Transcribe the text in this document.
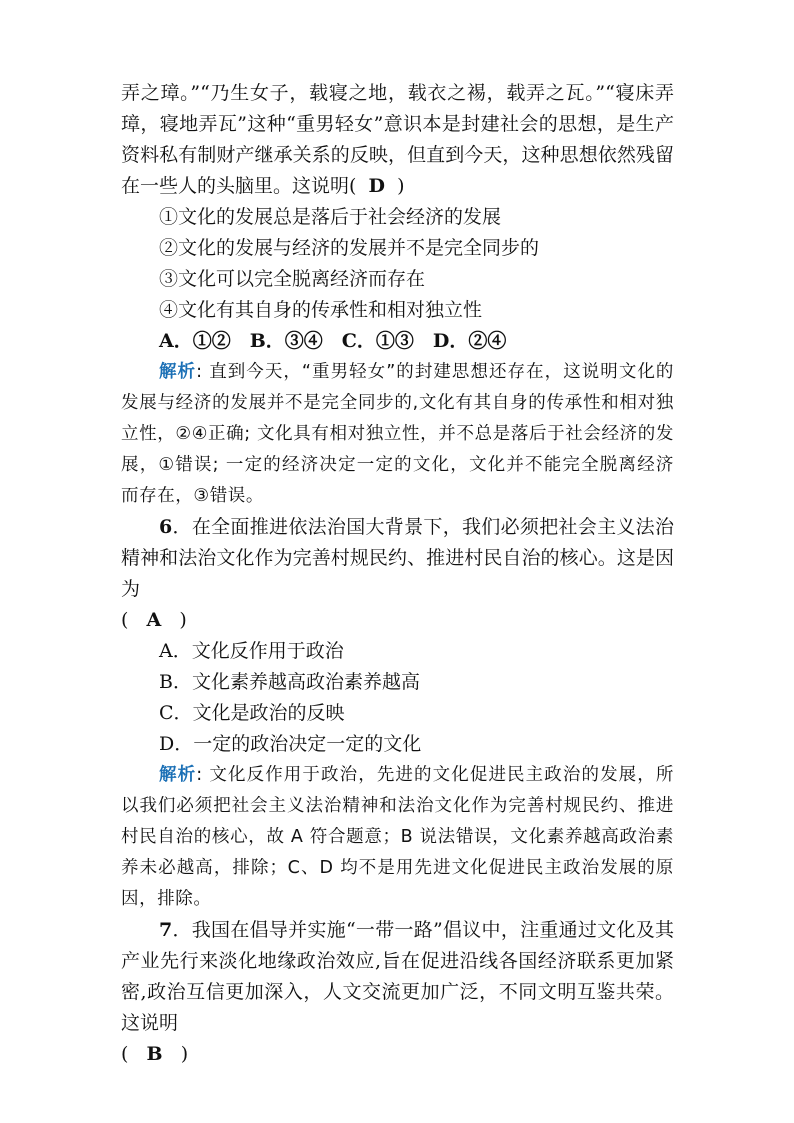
弄之璋。”“乃生女子，载寝之地，载衣之裼，载弄之瓦。”“寝床弄璋，寝地弄瓦”这种“重男轻女”意识本是封建社会的思想，是生产资料私有制财产继承关系的反映，但直到今天，这种思想依然残留在一些人的头脑里。这说明( D )

①文化的发展总是落后于社会经济的发展

②文化的发展与经济的发展并不是完全同步的

③文化可以完全脱离经济而存在

④文化有其自身的传承性和相对独立性

A．①②　B．③④　C．①③　D．②④

解析: 直到今天，“重男轻女”的封建思想还存在，这说明文化的发展与经济的发展并不是完全同步的,文化有其自身的传承性和相对独立性，②④正确; 文化具有相对独立性，并不总是落后于社会经济的发展，①错误; 一定的经济决定一定的文化，文化并不能完全脱离经济而存在，③错误。

6．在全面推进依法治国大背景下，我们必须把社会主义法治精神和法治文化作为完善村规民约、推进村民自治的核心。这是因为

( A )

A．文化反作用于政治

B．文化素养越高政治素养越高

C．文化是政治的反映

D．一定的政治决定一定的文化

解析: 文化反作用于政治，先进的文化促进民主政治的发展，所以我们必须把社会主义法治精神和法治文化作为完善村规民约、推进村民自治的核心，故 A 符合题意；B 说法错误，文化素养越高政治素养未必越高，排除；C、D 均不是用先进文化促进民主政治发展的原因，排除。

7．我国在倡导并实施“一带一路”倡议中，注重通过文化及其产业先行来淡化地缘政治效应,旨在促进沿线各国经济联系更加紧密,政治互信更加深入，人文交流更加广泛，不同文明互鉴共荣。这说明

( B )
